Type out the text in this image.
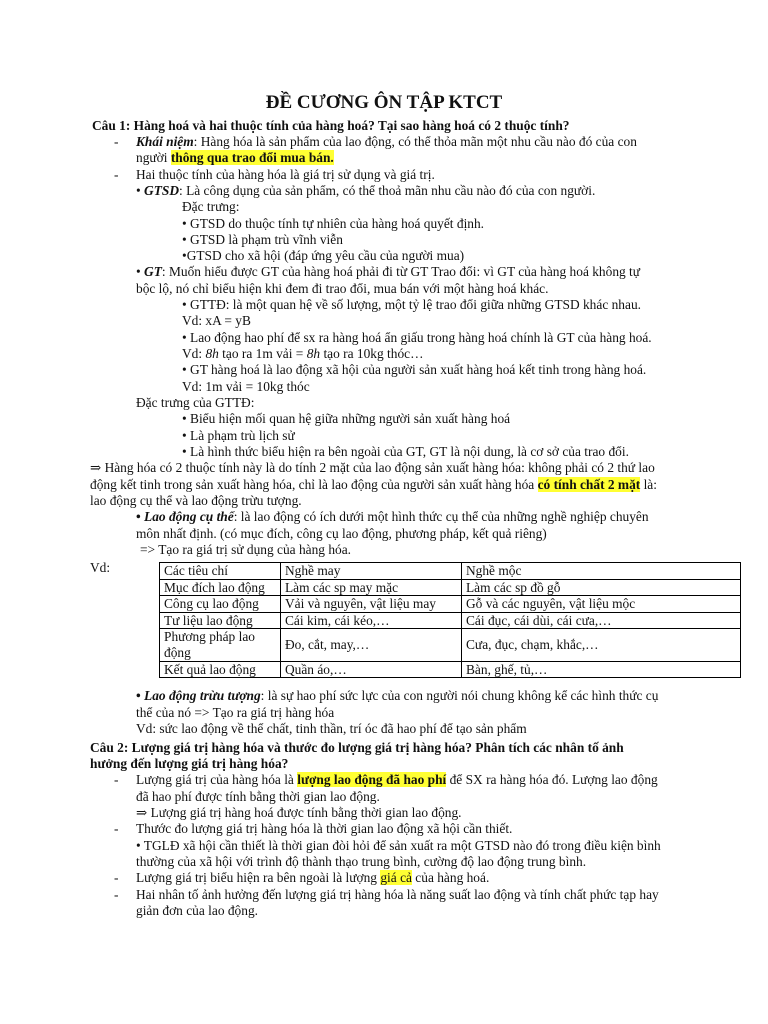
ĐỀ CƯƠNG ÔN TẬP KTCT
Câu 1: Hàng hoá và hai thuộc tính của hàng hoá? Tại sao hàng hoá có 2 thuộc tính?
- Khái niệm: Hàng hóa là sản phẩm của lao động, có thể thỏa mãn một nhu cầu nào đó của con
người thông qua trao đổi mua bán.
- Hai thuộc tính của hàng hóa là giá trị sử dụng và giá trị.
• GTSD: Là công dụng của sản phẩm, có thể thoả mãn nhu cầu nào đó của con người.
Đặc trưng:
• GTSD do thuộc tính tự nhiên của hàng hoá quyết định.
• GTSD là phạm trù vĩnh viễn
•GTSD cho xã hội (đáp ứng yêu cầu của người mua)
• GT: Muốn hiểu được GT của hàng hoá phải đi từ GT Trao đổi: vì GT của hàng hoá không tự
bộc lộ, nó chỉ biểu hiện khi đem đi trao đổi, mua bán với một hàng hoá khác.
• GTTĐ: là một quan hệ về số lượng, một tỷ lệ trao đổi giữa những GTSD khác nhau.
Vd: xA = yB
• Lao động hao phí để sx ra hàng hoá ẩn giấu trong hàng hoá chính là GT của hàng hoá.
Vd: 8h tạo ra 1m vải = 8h tạo ra 10kg thóc…
• GT hàng hoá là lao động xã hội của người sản xuất hàng hoá kết tinh trong hàng hoá.
Vd: 1m vải = 10kg thóc
Đặc trưng của GTTĐ:
• Biểu hiện mối quan hệ giữa những người sản xuất hàng hoá
• Là phạm trù lịch sử
• Là hình thức biểu hiện ra bên ngoài của GT, GT là nội dung, là cơ sở của trao đổi.
⇒ Hàng hóa có 2 thuộc tính này là do tính 2 mặt của lao động sản xuất hàng hóa: không phải có 2 thứ lao
động kết tinh trong sản xuất hàng hóa, chỉ là lao động của người sản xuất hàng hóa có tính chất 2 mặt là:
lao động cụ thể và lao động trừu tượng.
• Lao động cụ thể: là lao động có ích dưới một hình thức cụ thể của những nghề nghiệp chuyên
môn nhất định. (có mục đích, công cụ lao động, phương pháp, kết quả riêng)
=> Tạo ra giá trị sử dụng của hàng hóa.
Vd:	Các tiêu chí	Nghề may	Nghề mộc
Mục đích lao động	Làm các sp may mặc	Làm các sp đồ gỗ
Công cụ lao động	Vải và nguyên, vật liệu may	Gỗ và các nguyên, vật liệu mộc
Tư liệu lao động	Cái kim, cái kéo,…	Cái đục, cái dùi, cái cưa,…
Phương pháp lao động	Đo, cắt, may,…	Cưa, đục, chạm, khắc,…
Kết quả lao động	Quần áo,…	Bàn, ghế, tủ,…
• Lao động trừu tượng: là sự hao phí sức lực của con người nói chung không kể các hình thức cụ
thể của nó => Tạo ra giá trị hàng hóa
Vd: sức lao động về thể chất, tinh thần, trí óc đã hao phí để tạo sản phẩm
Câu 2: Lượng giá trị hàng hóa và thước đo lượng giá trị hàng hóa? Phân tích các nhân tố ảnh
hưởng đến lượng giá trị hàng hóa?
- Lượng giá trị của hàng hóa là lượng lao động đã hao phí để SX ra hàng hóa đó. Lượng lao động
đã hao phí được tính bằng thời gian lao động.
⇒ Lượng giá trị hàng hoá được tính bằng thời gian lao động.
- Thước đo lượng giá trị hàng hóa là thời gian lao động xã hội cần thiết.
• TGLĐ xã hội cần thiết là thời gian đòi hỏi để sản xuất ra một GTSD nào đó trong điều kiện bình
thường của xã hội với trình độ thành thạo trung bình, cường độ lao động trung bình.
- Lượng giá trị biểu hiện ra bên ngoài là lượng giá cả của hàng hoá.
- Hai nhân tố ảnh hưởng đến lượng giá trị hàng hóa là năng suất lao động và tính chất phức tạp hay
giản đơn của lao động.
